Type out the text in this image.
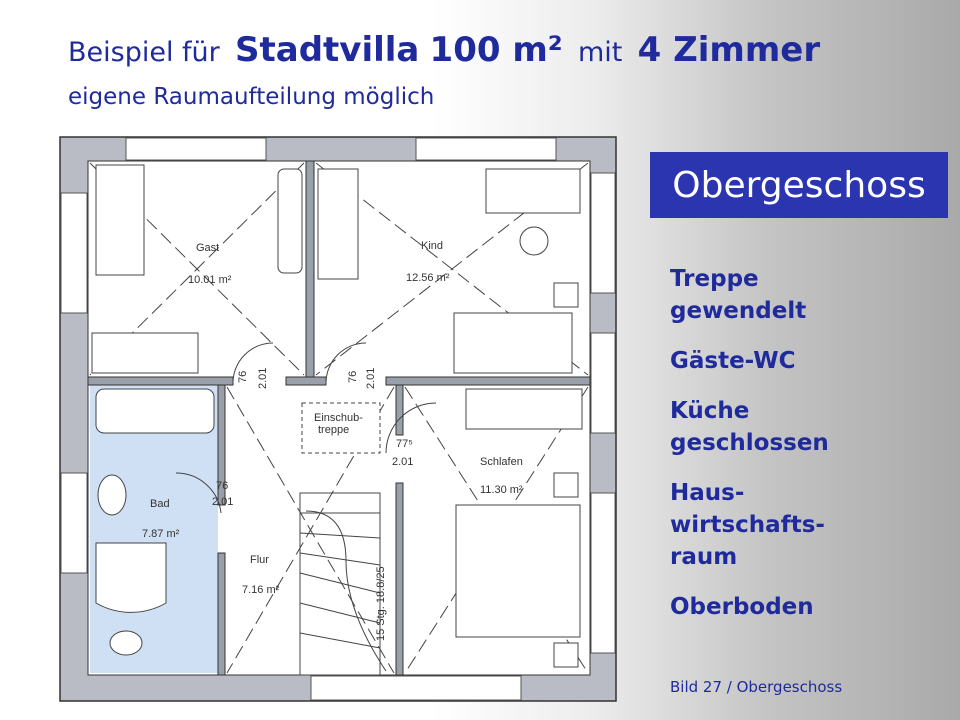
Beispiel für Stadtvilla 100 m² mit 4 Zimmer
eigene Raumaufteilung möglich
Gast
10.01 m²
Kind
12.56 m²
Bad
7.87 m²
Flur
7.16 m²
Schlafen
11.30 m²
76 2.01	76 2.01
77⁵
2.01
76
2.01
15 Stg. 18.8/25
Einschub-
treppe
Obergeschoss
Treppe
gewendelt
Gäste-WC
Küche
geschlossen
Haus-
wirtschafts-
raum
Oberboden
Bild 27 / Obergeschoss
